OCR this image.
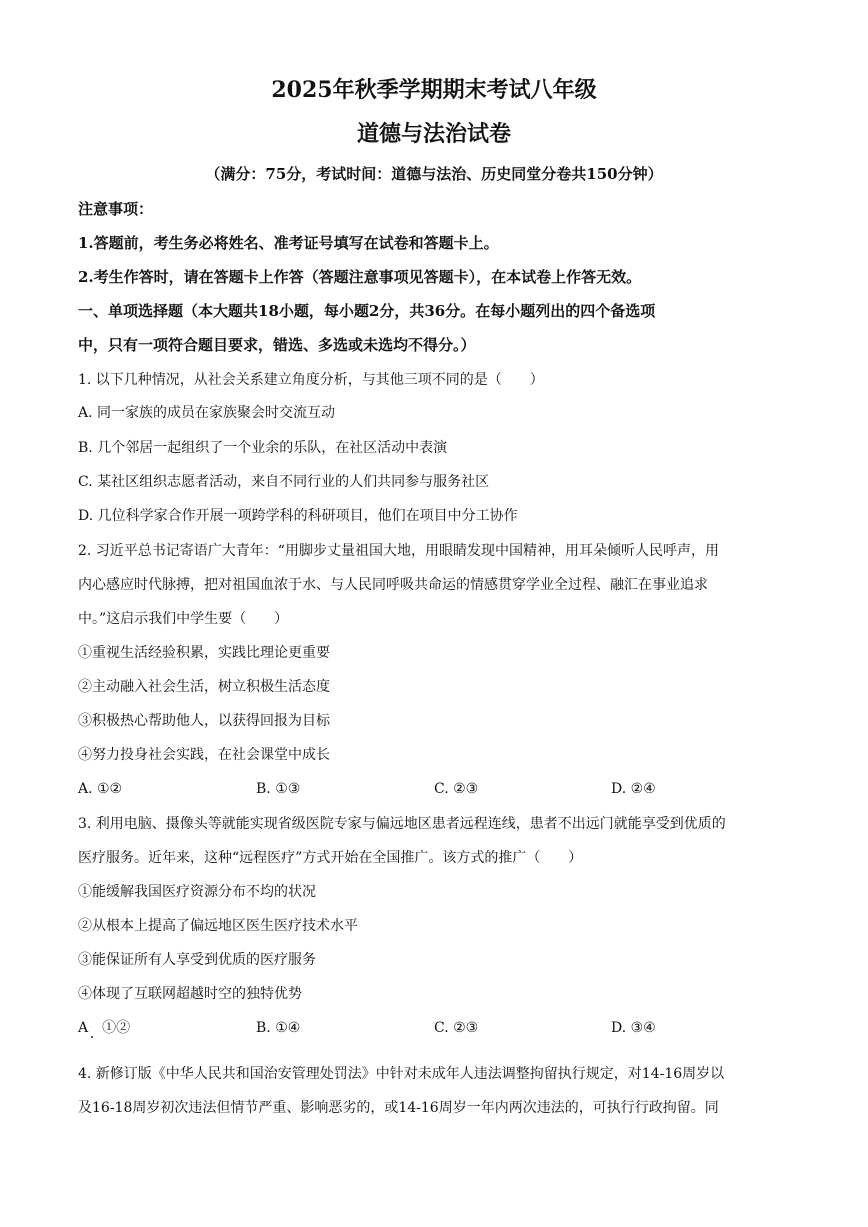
2025年秋季学期期末考试八年级
道德与法治试卷
（满分：75分，考试时间：道德与法治、历史同堂分卷共150分钟）
注意事项：
1.答题前，考生务必将姓名、准考证号填写在试卷和答题卡上。
2.考生作答时，请在答题卡上作答（答题注意事项见答题卡），在本试卷上作答无效。
一、单项选择题（本大题共18小题，每小题2分，共36分。在每小题列出的四个备选项
中，只有一项符合题目要求，错选、多选或未选均不得分。）
1. 以下几种情况，从社会关系建立角度分析，与其他三项不同的是（　　）
A. 同一家族的成员在家族聚会时交流互动
B. 几个邻居一起组织了一个业余的乐队，在社区活动中表演
C. 某社区组织志愿者活动，来自不同行业的人们共同参与服务社区
D. 几位科学家合作开展一项跨学科的科研项目，他们在项目中分工协作
2. 习近平总书记寄语广大青年：“用脚步丈量祖国大地，用眼睛发现中国精神，用耳朵倾听人民呼声，用
内心感应时代脉搏，把对祖国血浓于水、与人民同呼吸共命运的情感贯穿学业全过程、融汇在事业追求
中。”这启示我们中学生要（　　）
①重视生活经验积累，实践比理论更重要
②主动融入社会生活，树立积极生活态度
③积极热心帮助他人，以获得回报为目标
④努力投身社会实践，在社会课堂中成长
A. ①②	B. ①③	C. ②③	D. ②④
3. 利用电脑、摄像头等就能实现省级医院专家与偏远地区患者远程连线，患者不出远门就能享受到优质的
医疗服务。近年来，这种“远程医疗”方式开始在全国推广。该方式的推广（　　）
①能缓解我国医疗资源分布不均的状况
②从根本上提高了偏远地区医生医疗技术水平
③能保证所有人享受到优质的医疗服务
④体现了互联网超越时空的独特优势
A　①②	B. ①④	C. ②③	D. ③④
4. 新修订版《中华人民共和国治安管理处罚法》中针对未成年人违法调整拘留执行规定，对14-16周岁以
及16-18周岁初次违法但情节严重、影响恶劣的，或14-16周岁一年内两次违法的，可执行行政拘留。同
